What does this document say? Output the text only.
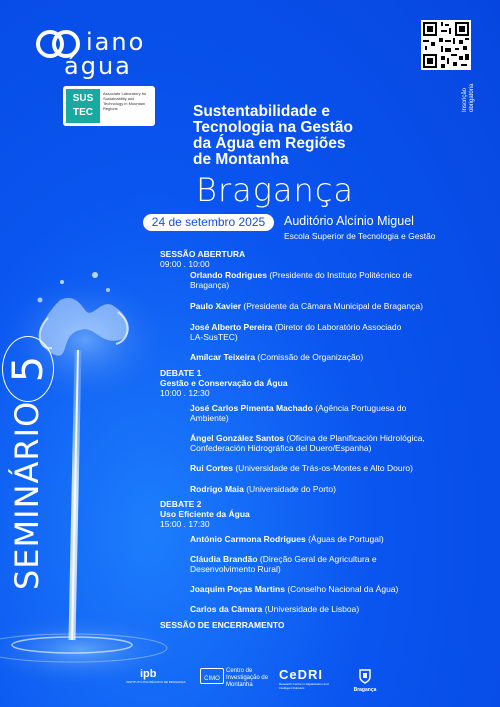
iano
água
SUS
TEC
Associate Laboratory for Sustainability and Technology in Mountain Regions	Inscrição obrigatória
Sustentabilidade e
Tecnologia na Gestão
da Água em Regiões
de Montanha
Bragança
24 de setembro 2025	Auditório Alcínio Miguel
Escola Superior de Tecnologia e Gestão
5
SEMINÁRIO
SESSÃO ABERTURA
09:00 . 10:00
Orlando Rodrigues (Presidente do Instituto Politécnico de
Bragança)
Paulo Xavier (Presidente da Câmara Municipal de Bragança)
José Alberto Pereira (Diretor do Laboratório Associado
LA-SusTEC)
Amílcar Teixeira (Comissão de Organização)
DEBATE 1
Gestão e Conservação da Água
10:00 . 12:30
José Carlos Pimenta Machado (Agência Portuguesa do
Ambiente)
Ángel González Santos (Oficina de Planificación Hidrológica,
Confederación Hidrográfica del Duero/Espanha)
Rui Cortes (Universidade de Trás-os-Montes e Alto Douro)
Rodrigo Maia (Universidade do Porto)
DEBATE 2
Uso Eficiente da Água
15:00 . 17:30
António Carmona Rodrigues (Águas de Portugal)
Cláudia Brandão (Direção Geral de Agricultura e
Desenvolvimento Rural)
Joaquim Poças Martins (Conselho Nacional da Água)
Carlos da Câmara (Universidade de Lisboa)
SESSÃO DE ENCERRAMENTO
ipb
INSTITUTO POLITÉCNICO DE BRAGANÇA	CIMO
Centro de Investigação de Montanha
CeDRI
Research Centre in Digitalization and Intelligent Robotics	Bragança
